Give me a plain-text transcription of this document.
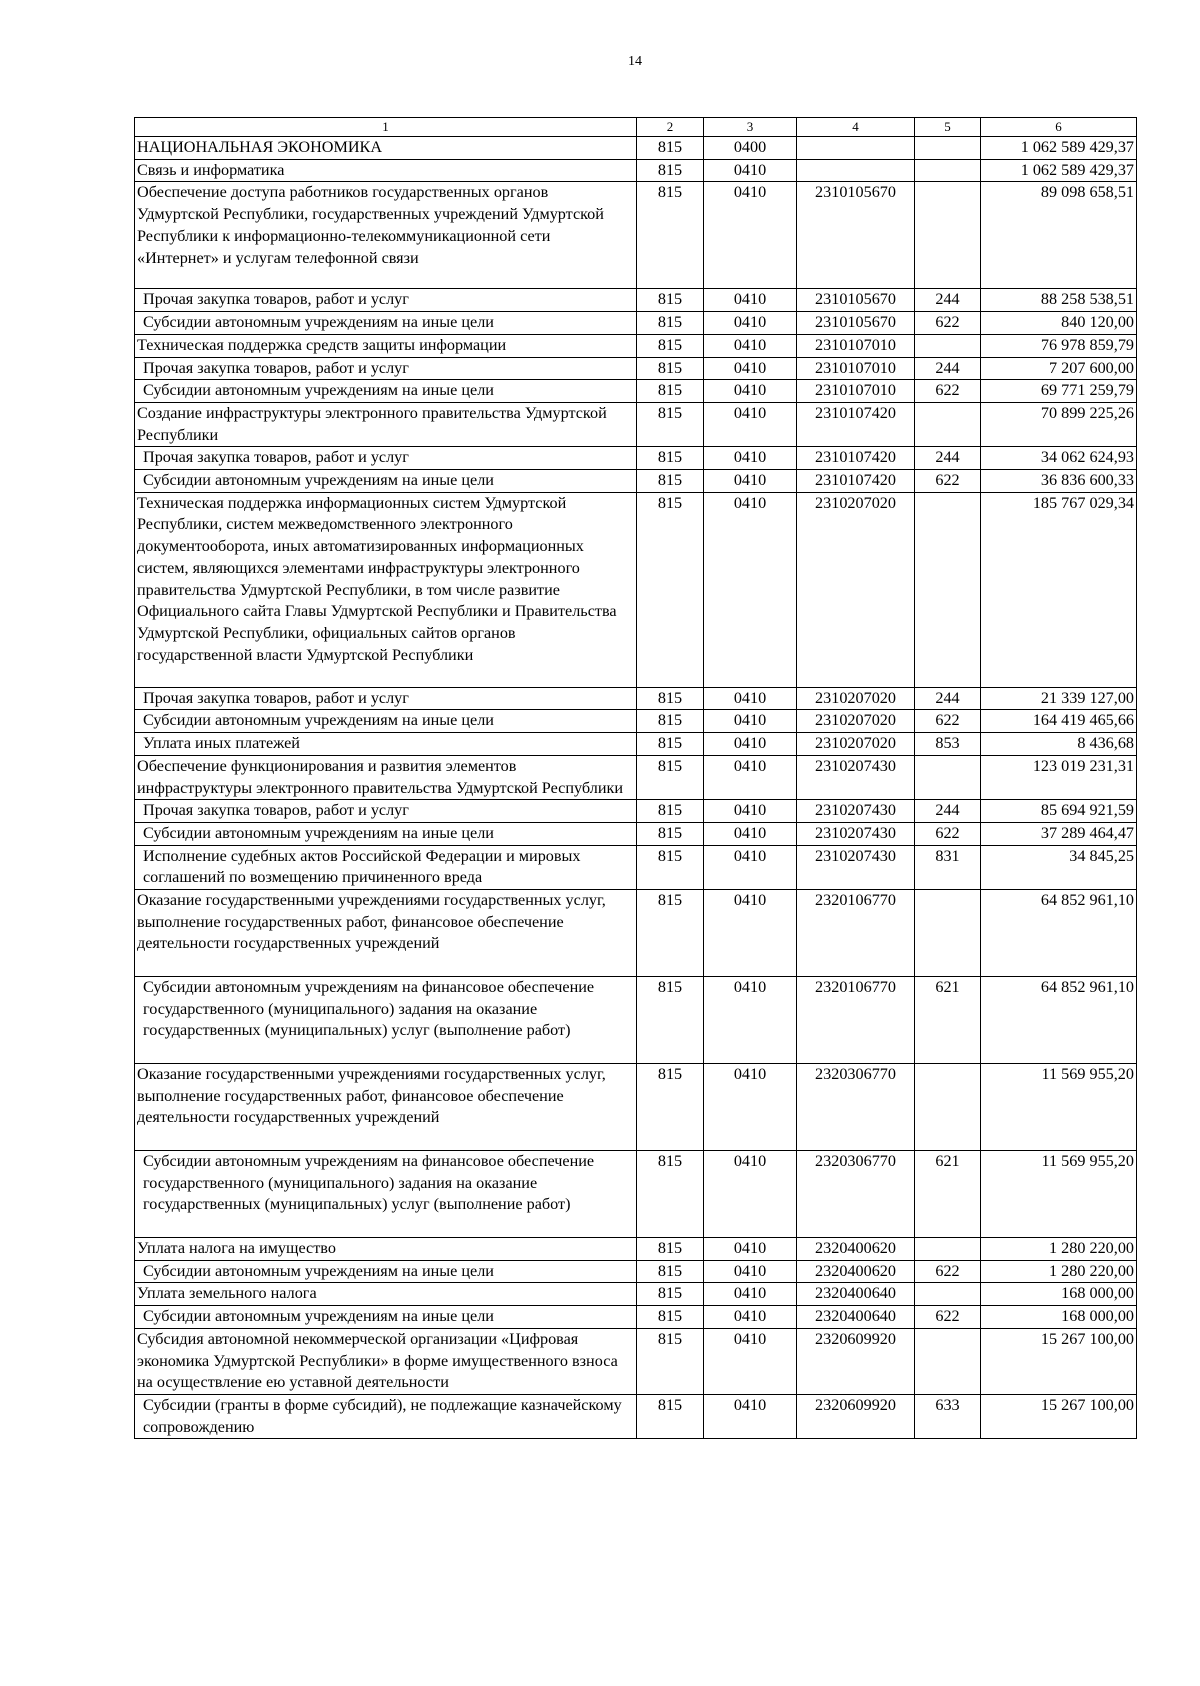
14
1	2	3	4	5	6
НАЦИОНАЛЬНАЯ ЭКОНОМИКА	815	0400			1 062 589 429,37
Связь и информатика	815	0410			1 062 589 429,37
Обеспечение доступа работников государственных органов Удмуртской Республики, государственных учреждений Удмуртской Республики к информационно-телекоммуникационной сети «Интернет» и услугам телефонной связи	815	0410	2310105670		89 098 658,51
Прочая закупка товаров, работ и услуг	815	0410	2310105670	244	88 258 538,51
Субсидии автономным учреждениям на иные цели	815	0410	2310105670	622	840 120,00
Техническая поддержка средств защиты информации	815	0410	2310107010		76 978 859,79
Прочая закупка товаров, работ и услуг	815	0410	2310107010	244	7 207 600,00
Субсидии автономным учреждениям на иные цели	815	0410	2310107010	622	69 771 259,79
Создание инфраструктуры электронного правительства Удмуртской Республики	815	0410	2310107420		70 899 225,26
Прочая закупка товаров, работ и услуг	815	0410	2310107420	244	34 062 624,93
Субсидии автономным учреждениям на иные цели	815	0410	2310107420	622	36 836 600,33
Техническая поддержка информационных систем Удмуртской Республики, систем межведомственного электронного документооборота, иных автоматизированных информационных систем, являющихся элементами инфраструктуры электронного правительства Удмуртской Республики, в том числе развитие Официального сайта Главы Удмуртской Республики и Правительства Удмуртской Республики, официальных сайтов органов государственной власти Удмуртской Республики	815	0410	2310207020		185 767 029,34
Прочая закупка товаров, работ и услуг	815	0410	2310207020	244	21 339 127,00
Субсидии автономным учреждениям на иные цели	815	0410	2310207020	622	164 419 465,66
Уплата иных платежей	815	0410	2310207020	853	8 436,68
Обеспечение функционирования и развития элементов инфраструктуры электронного правительства Удмуртской Республики	815	0410	2310207430		123 019 231,31
Прочая закупка товаров, работ и услуг	815	0410	2310207430	244	85 694 921,59
Субсидии автономным учреждениям на иные цели	815	0410	2310207430	622	37 289 464,47
Исполнение судебных актов Российской Федерации и мировых соглашений по возмещению причиненного вреда	815	0410	2310207430	831	34 845,25
Оказание государственными учреждениями государственных услуг, выполнение государственных работ, финансовое обеспечение деятельности государственных учреждений	815	0410	2320106770		64 852 961,10
Субсидии автономным учреждениям на финансовое обеспечение государственного (муниципального) задания на оказание государственных (муниципальных) услуг (выполнение работ)	815	0410	2320106770	621	64 852 961,10
Оказание государственными учреждениями государственных услуг, выполнение государственных работ, финансовое обеспечение деятельности государственных учреждений	815	0410	2320306770		11 569 955,20
Субсидии автономным учреждениям на финансовое обеспечение государственного (муниципального) задания на оказание государственных (муниципальных) услуг (выполнение работ)	815	0410	2320306770	621	11 569 955,20
Уплата налога на имущество	815	0410	2320400620		1 280 220,00
Субсидии автономным учреждениям на иные цели	815	0410	2320400620	622	1 280 220,00
Уплата земельного налога	815	0410	2320400640		168 000,00
Субсидии автономным учреждениям на иные цели	815	0410	2320400640	622	168 000,00
Субсидия автономной некоммерческой организации «Цифровая экономика Удмуртской Республики» в форме имущественного взноса на осуществление ею уставной деятельности	815	0410	2320609920		15 267 100,00
Субсидии (гранты в форме субсидий), не подлежащие казначейскому сопровождению	815	0410	2320609920	633	15 267 100,00
